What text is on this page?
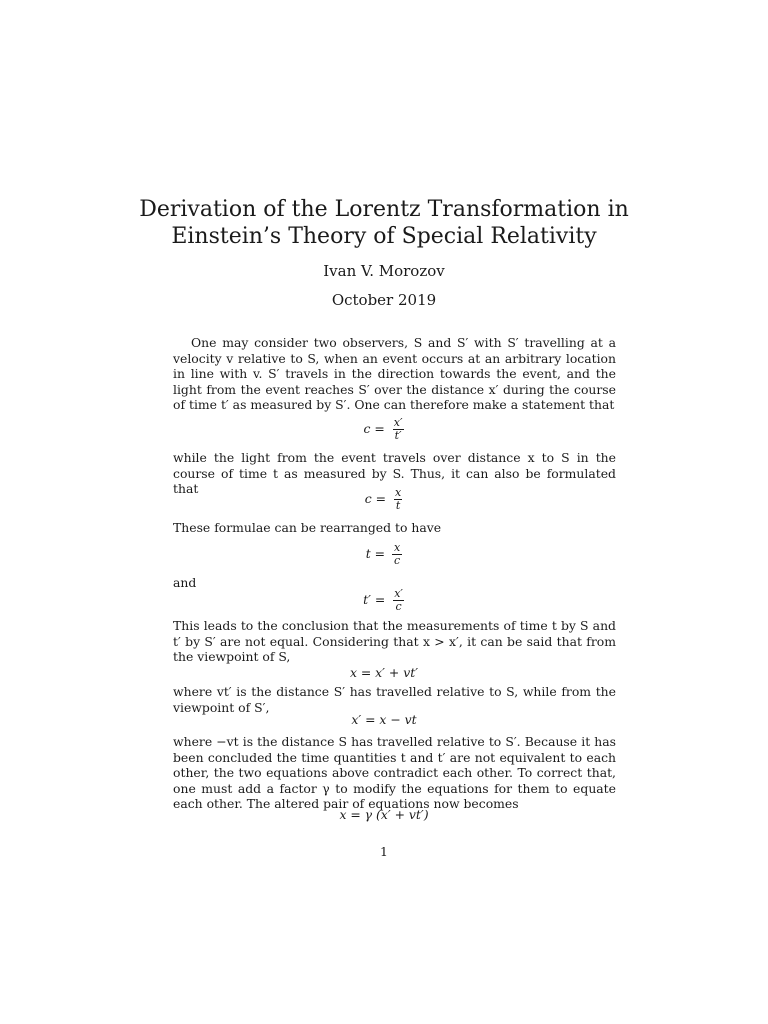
Derivation of the Lorentz Transformation in
Einstein’s Theory of Special Relativity
Ivan V. Morozov
October 2019
One may consider two observers, S and S′ with S′ travelling at a velocity v relative to S, when an event occurs at an arbitrary location in line with v. S′ travels in the direction towards the event, and the light from the event reaches S′ over the distance x′ during the course of time t′ as measured by S′. One can therefore make a statement that
$c = \frac{x'}{t'}$
while the light from the event travels over distance x to S in the course of time t as measured by S. Thus, it can also be formulated that
$c = \frac{x}{t}$
These formulae can be rearranged to have
$t = \frac{x}{c}$
and
$t' = \frac{x'}{c}$
This leads to the conclusion that the measurements of time t by S and t′ by S′ are not equal. Considering that x > x′, it can be said that from the viewpoint of S,
x = x′ + vt′
where vt′ is the distance S′ has travelled relative to S, while from the viewpoint of S′,
x′ = x − vt
where −vt is the distance S has travelled relative to S′. Because it has been concluded the time quantities t and t′ are not equivalent to each other, the two equations above contradict each other. To correct that, one must add a factor γ to modify the equations for them to equate each other. The altered pair of equations now becomes
x = γ (x′ + vt′)
1
